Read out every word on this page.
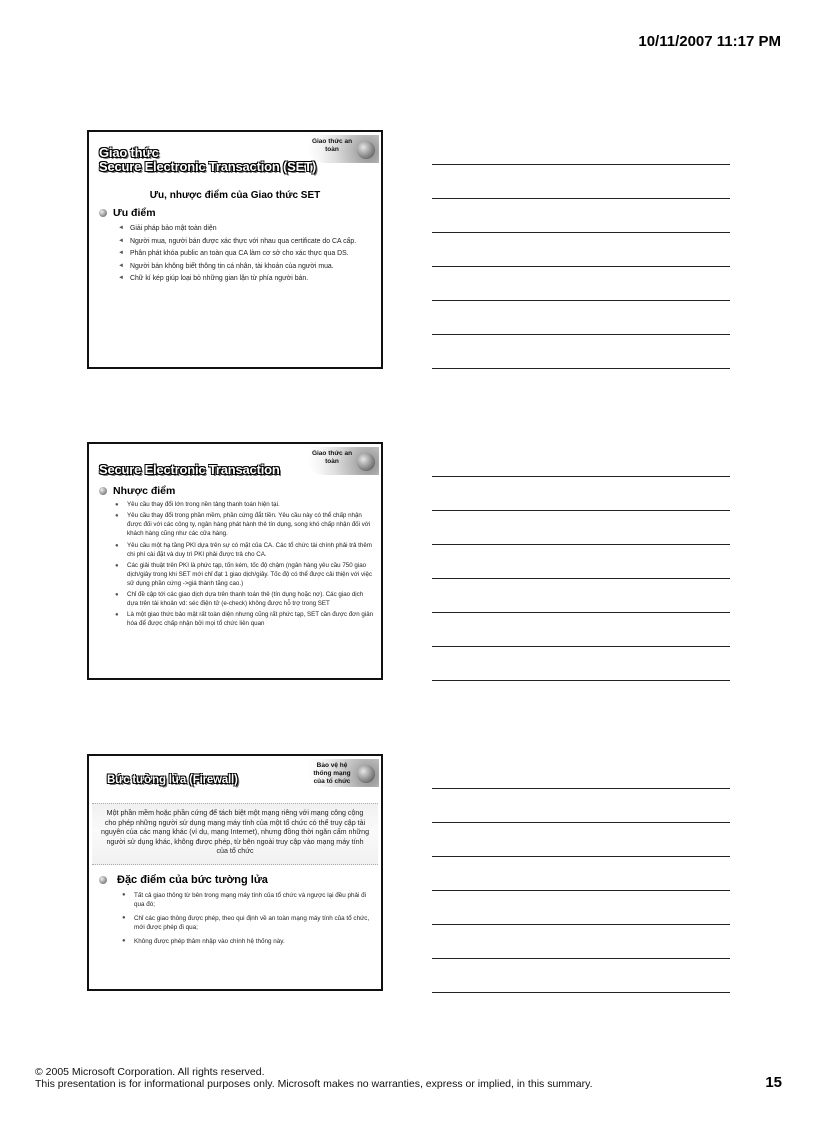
10/11/2007 11:17 PM
Giao thức an toàn
Giao thức
Secure Electronic Transaction (SET)
Ưu, nhược điểm của Giao thức SET
Ưu điểm
◄ Giải pháp bảo mật toàn diện
◄ Người mua, người bán được xác thực với nhau qua certificate do CA cấp.
◄ Phân phát khóa public an toàn qua CA làm cơ sở cho xác thực qua DS.
◄ Người bán không biết thông tin cá nhân, tài khoản của người mua.
◄ Chữ kí kép giúp loại bỏ những gian lận từ phía người bán.
Giao thức an toàn
Secure Electronic Transaction
Nhược điểm
● Yêu cầu thay đổi lớn trong nền tảng thanh toán hiện tại.
● Yêu cầu thay đổi trong phần mềm, phần cứng đắt tiền. Yêu cầu này có thể chấp nhận được đối với các công ty, ngân hàng phát hành thẻ tín dụng, song khó chấp nhận đối với khách hàng cũng như các cửa hàng.
● Yêu cầu một hạ tầng PKI dựa trên sự có mặt của CA. Các tổ chức tài chính phải trả thêm chi phí cài đặt và duy trì PKI phải được trả cho CA.
● Các giải thuật trên PKI là phức tạp, tốn kém, tốc độ chậm (ngân hàng yêu cầu 750 giao dịch/giây trong khi SET mới chỉ đạt 1 giao dịch/giây. Tốc độ có thể được cải thiện với việc sử dụng phần cứng ->giá thành tăng cao.)
● Chỉ đề cập tới các giao dịch dựa trên thanh toán thẻ (tín dụng hoặc nợ). Các giao dịch dựa trên tài khoản vd: séc điện tử (e-check) không được hỗ trợ trong SET
● Là một giao thức bảo mật rất toàn diện nhưng cũng rất phức tạp, SET cần được đơn giản hóa để được chấp nhận bởi mọi tổ chức liên quan
Bảo vệ hệ thống mạng của tổ chức
Bức tường lửa (Firewall)

Một phần mềm hoặc phần cứng để tách biệt một mạng riêng với mạng công cộng cho phép những người sử dụng mạng máy tính của một tổ chức có thể truy cập tài nguyên của các mạng khác (ví dụ, mạng Internet), nhưng đồng thời ngăn cấm những người sử dụng khác, không được phép, từ bên ngoài truy cập vào mạng máy tính của tổ chức

Đặc điểm của bức tường lửa
● Tất cả giao thông từ bên trong mạng máy tính của tổ chức và ngược lại đều phải đi qua đó;
● Chỉ các giao thông được phép, theo qui định về an toàn mạng máy tính của tổ chức, mới được phép đi qua;
● Không được phép thâm nhập vào chính hệ thống này.
© 2005 Microsoft Corporation. All rights reserved.
This presentation is for informational purposes only. Microsoft makes no warranties, express or implied, in this summary.	15
